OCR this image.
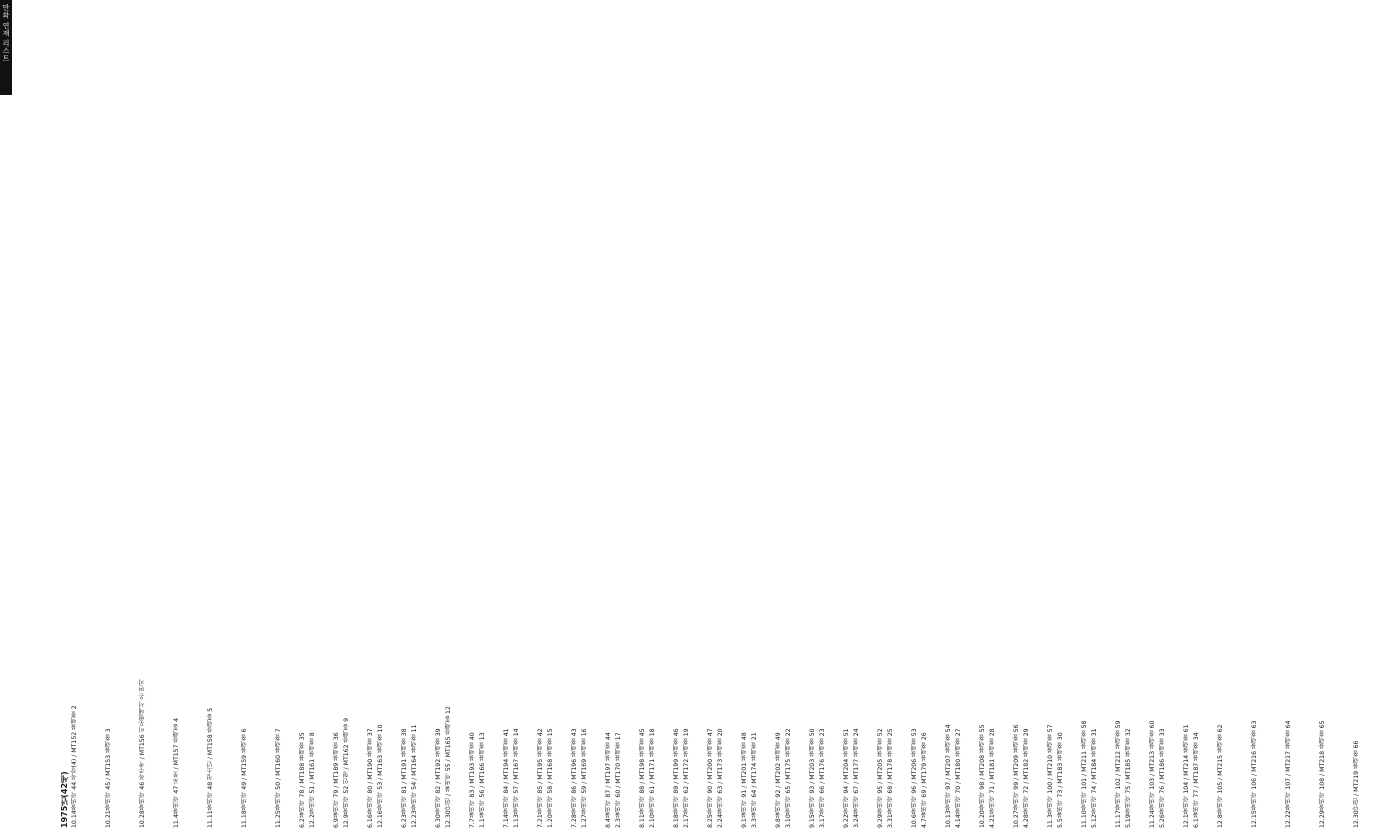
만화 연재 리스트
1975년(42세) 10.14불벼락 44 목장(4) / MT152 블랙홀 2
10.21불벼락 45 / MT153 블랙홀 3
10.28불벼락 46 폭주족 / MT156 이웃별에서 온 편지
11.4불벼락 47 로봇 / MT157 블랙홀 4
11.11불벼락 48 청소년 / MT158 블랙홀 5
11.18불벼락 49 / MT159 블랙홀 6
11.25불벼락 50 / MT160 블랙홀 7
12.2불벼락 51 / MT161 블랙홀 8
12.9불벼락 52 인형 / MT162 블랙홀 9
12.16불벼락 53 / MT163 블랙홀 10
12.23불벼락 54 / MT164 블랙홀 11
12.30단편 / 불벼락 55 / MT165 블랙홀 12
1.1불벼락 56 / MT166 블랙홀 13
1.13불벼락 57 / MT167 블랙홀 14
1.20불벼락 58 / MT168 블랙홀 15
1.27불벼락 59 / MT169 블랙홀 16
2.3불벼락 60 / MT170 블랙홀 17
2.10불벼락 61 / MT171 블랙홀 18
2.17불벼락 62 / MT172 블랙홀 19
2.24불벼락 63 / MT173 블랙홀 20
3.3불벼락 64 / MT174 블랙홀 21
3.10불벼락 65 / MT175 블랙홀 22
3.17불벼락 66 / MT176 블랙홀 23
3.24불벼락 67 / MT177 블랙홀 24
3.31불벼락 68 / MT178 블랙홀 25
4.7불벼락 69 / MT179 블랙홀 26
4.14불벼락 70 / MT180 블랙홀 27
4.21불벼락 71 / MT181 블랙홀 28
4.28불벼락 72 / MT182 블랙홀 29
5.5불벼락 73 / MT183 블랙홀 30
5.12불벼락 74 / MT184 블랙홀 31
5.19불벼락 75 / MT185 블랙홀 32
5.26불벼락 76 / MT186 블랙홀 33
6.1불벼락 77 / MT187 블랙홀 34
6.2불벼락 78 / MT188 블랙홀 35
6.9불벼락 79 / MT189 블랙홀 36
6.16불벼락 80 / MT190 블랙홀 37
6.23불벼락 81 / MT191 블랙홀 38
6.30불벼락 82 / MT192 블랙홀 39
7.7불벼락 83 / MT193 블랙홀 40
7.14불벼락 84 / MT194 블랙홀 41
7.21불벼락 85 / MT195 블랙홀 42
7.28불벼락 86 / MT196 블랙홀 43
8.4불벼락 87 / MT197 블랙홀 44
8.11불벼락 88 / MT198 블랙홀 45
8.18불벼락 89 / MT199 블랙홀 46
8.25불벼락 90 / MT200 블랙홀 47
9.1불벼락 91 / MT201 블랙홀 48
9.8불벼락 92 / MT202 블랙홀 49
9.15불벼락 93 / MT203 블랙홀 50
9.22불벼락 94 / MT204 블랙홀 51
9.29불벼락 95 / MT205 블랙홀 52
10.6불벼락 96 / MT206 블랙홀 53
10.13불벼락 97 / MT207 블랙홀 54
10.20불벼락 98 / MT208 블랙홀 55
10.27불벼락 99 / MT209 블랙홀 56
11.3불벼락 100 / MT210 블랙홀 57
11.10불벼락 101 / MT211 블랙홀 58
11.17불벼락 102 / MT212 블랙홀 59
11.24불벼락 103 / MT213 블랙홀 60
12.1불벼락 104 / MT214 블랙홀 61
12.8불벼락 105 / MT215 블랙홀 62
12.15불벼락 106 / MT216 블랙홀 63
12.22불벼락 107 / MT217 블랙홀 64
12.29불벼락 108 / MT218 블랙홀 65
12.30단편 / MT219 블랙홀 66
